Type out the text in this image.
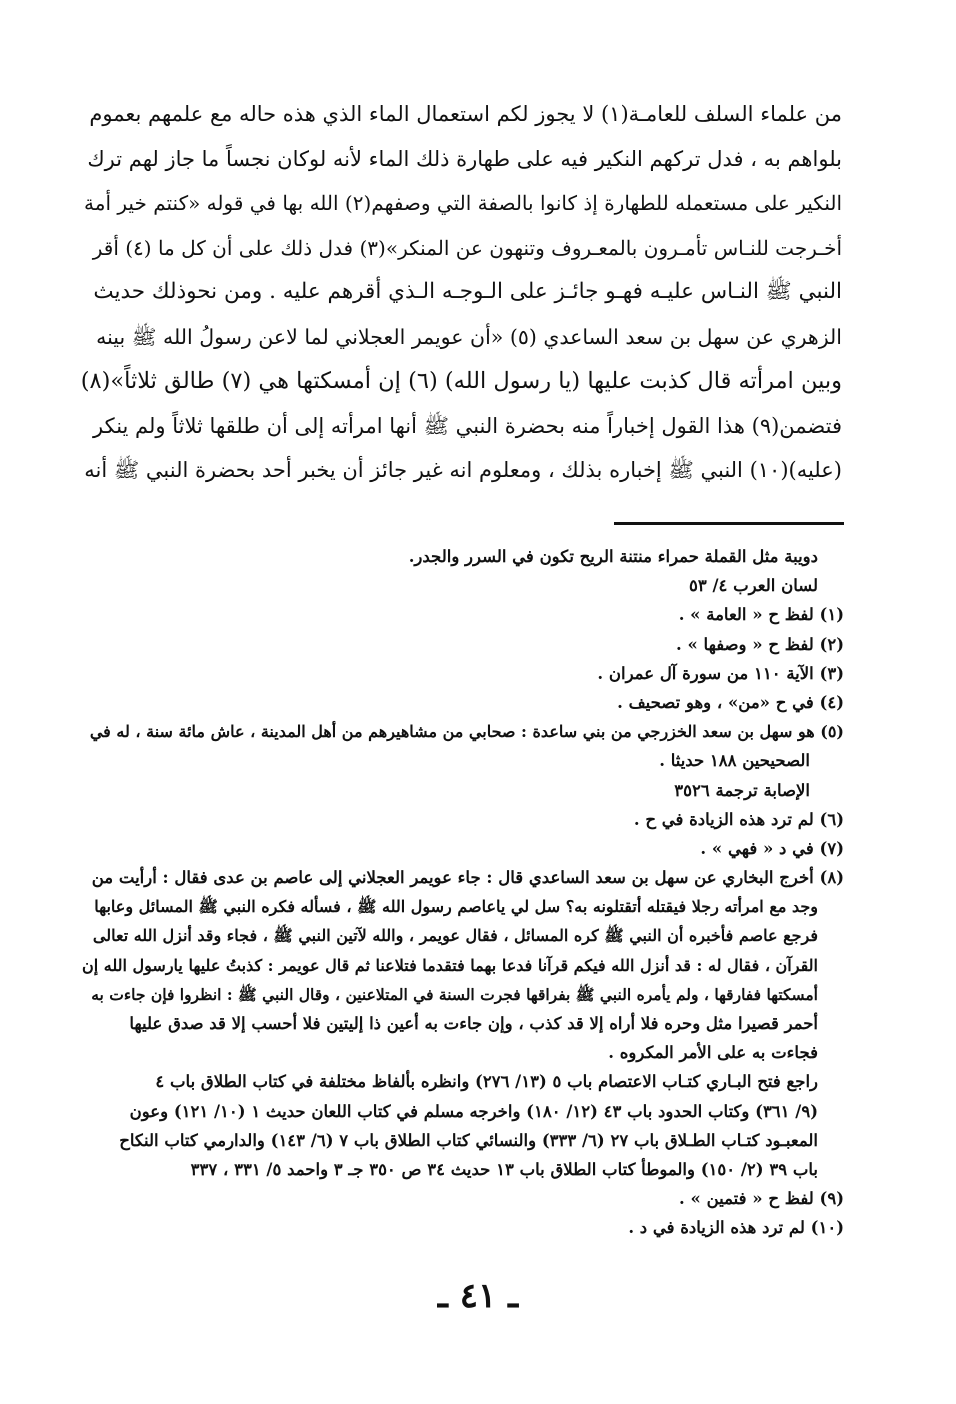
من علماء السلف للعامـة(١) لا يجوز لكم استعمال الماء الذي هذه حاله مع علمهم بعموم
بلواهم به ، فدل تركهم النكير فيه على طهارة ذلك الماء لأنه لوكان نجساً ما جاز لهم ترك
النكير على مستعمله للطهارة إذ كانوا بالصفة التي وصفهم(٢) الله بها في قوله «كنتم خير أمة
أخـرجت للنـاس تأمـرون بالمعـروف وتنهون عن المنكر»(٣) فدل ذلك على أن كل ما (٤) أقر
النبي ﷺ النـاس عليـه فهـو جائـز على الـوجـه الـذي أقرهم عليه . ومن نحوذلك حديث
الزهري عن سهل بن سعد الساعدي (٥) «أن عويمر العجلاني لما لاعن رسولُ الله ﷺ بينه
وبين امرأته قال كذبت عليها (يا رسول الله) (٦) إن أمسكتها هي (٧) طالق ثلاثاً»(٨)
فتضمن(٩) هذا القول إخباراً منه بحضرة النبي ﷺ أنها امرأته إلى أن طلقها ثلاثاً ولم ينكر
(عليه)(١٠) النبي ﷺ إخباره بذلك ، ومعلوم انه غير جائز أن يخبر أحد بحضرة النبي ﷺ أنه
دويبة مثل القملة حمراء منتنة الريح تكون في السرر والجدر.
لسان العرب ٤/ ٥٣
(١) لفظ ح « العامة » .
(٢) لفظ ح « وصفها » .
(٣) الآية ١١٠ من سورة آل عمران .
(٤) في ح «من» ، وهو تصحيف .
(٥) هو سهل بن سعد الخزرجي من بني ساعدة : صحابي من مشاهيرهم من أهل المدينة ، عاش مائة سنة ، له في
الصحيحين ١٨٨ حديثا .
الإصابة ترجمة ٣٥٢٦
(٦) لم ترد هذه الزيادة في ح .
(٧) في د « فهي » .
(٨) أخرج البخاري عن سهل بن سعد الساعدي قال : جاء عويمر العجلاني إلى عاصم بن عدى فقال : أرأيت من
وجد مع امرأته رجلا فيقتله أتقتلونه به؟ سل لي ياعاصم رسول الله ﷺ ، فسأله فكره النبي ﷺ المسائل وعابها
فرجع عاصم فأخبره أن النبي ﷺ كره المسائل ، فقال عويمر ، والله لآتين النبي ﷺ ، فجاء وقد أنزل الله تعالى
القرآن ، فقال له : قد أنزل الله فيكم قرآنا فدعا بهما فتقدما فتلاعنا ثم قال عويمر : كذبتُ عليها يارسول الله إن
أمسكتها ففارقها ، ولم يأمره النبي ﷺ بفراقها فجرت السنة في المتلاعنين ، وقال النبي ﷺ : انظروا فإن جاءت به
أحمر قصيرا مثل وحره فلا أراه إلا قد كذب ، وإن جاءت به أعين ذا إليتين فلا أحسب إلا قد صدق عليها
فجاءت به على الأمر المكروه .
راجع فتح البـاري كتـاب الاعتصام باب ٥ (١٣/ ٢٧٦) وانظره بألفاظ مختلفة في كتاب الطلاق باب ٤
(٩/ ٣٦١) وكتاب الحدود باب ٤٣ (١٢/ ١٨٠) واخرجه مسلم في كتاب اللعان حديث ١ (١٠/ ١٢١) وعون
المعبـود كتـاب الطـلاق باب ٢٧ (٦/ ٣٣٣) والنسائي كتاب الطلاق باب ٧ (٦/ ١٤٣) والدارمي كتاب النكاح
باب ٣٩ (٢/ ١٥٠) والموطأ كتاب الطلاق باب ١٣ حديث ٣٤ ص ٣٥٠ جـ ٣ واحمد ٥/ ٣٣١ ، ٣٣٧
(٩) لفظ ح « فتمين » .
(١٠) لم ترد هذه الزيادة في د .
ـ ٤١ ـ
